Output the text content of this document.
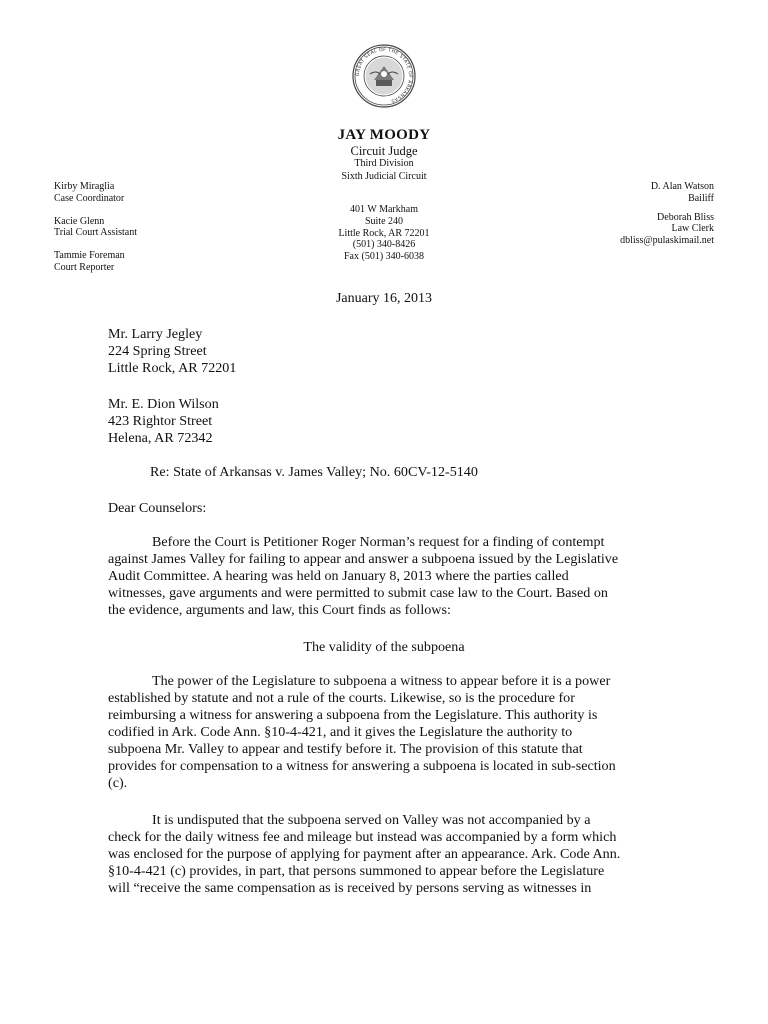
GREAT SEAL OF THE STATE OF ARKANSAS
JAY MOODY
Circuit Judge
Third Division
Sixth Judicial Circuit
401 W Markham
Suite 240
Little Rock, AR 72201
(501) 340-8426
Fax (501) 340-6038
Kirby Miraglia
Case Coordinator
Kacie Glenn
Trial Court Assistant
Tammie Foreman
Court Reporter
D. Alan Watson
Bailiff
Deborah Bliss
Law Clerk
dbliss@pulaskimail.net
January 16, 2013
Mr. Larry Jegley
224 Spring Street
Little Rock, AR 72201
Mr. E. Dion Wilson
423 Rightor Street
Helena, AR 72342
Re: State of Arkansas v. James Valley; No. 60CV-12-5140
Dear Counselors:
Before the Court is Petitioner Roger Norman’s request for a finding of contempt
against James Valley for failing to appear and answer a subpoena issued by the Legislative
Audit Committee. A hearing was held on January 8, 2013 where the parties called
witnesses, gave arguments and were permitted to submit case law to the Court. Based on
the evidence, arguments and law, this Court finds as follows:
The validity of the subpoena
The power of the Legislature to subpoena a witness to appear before it is a power
established by statute and not a rule of the courts. Likewise, so is the procedure for
reimbursing a witness for answering a subpoena from the Legislature. This authority is
codified in Ark. Code Ann. §10-4-421, and it gives the Legislature the authority to
subpoena Mr. Valley to appear and testify before it. The provision of this statute that
provides for compensation to a witness for answering a subpoena is located in sub-section
(c).
It is undisputed that the subpoena served on Valley was not accompanied by a
check for the daily witness fee and mileage but instead was accompanied by a form which
was enclosed for the purpose of applying for payment after an appearance. Ark. Code Ann.
§10-4-421 (c) provides, in part, that persons summoned to appear before the Legislature
will “receive the same compensation as is received by persons serving as witnesses in
